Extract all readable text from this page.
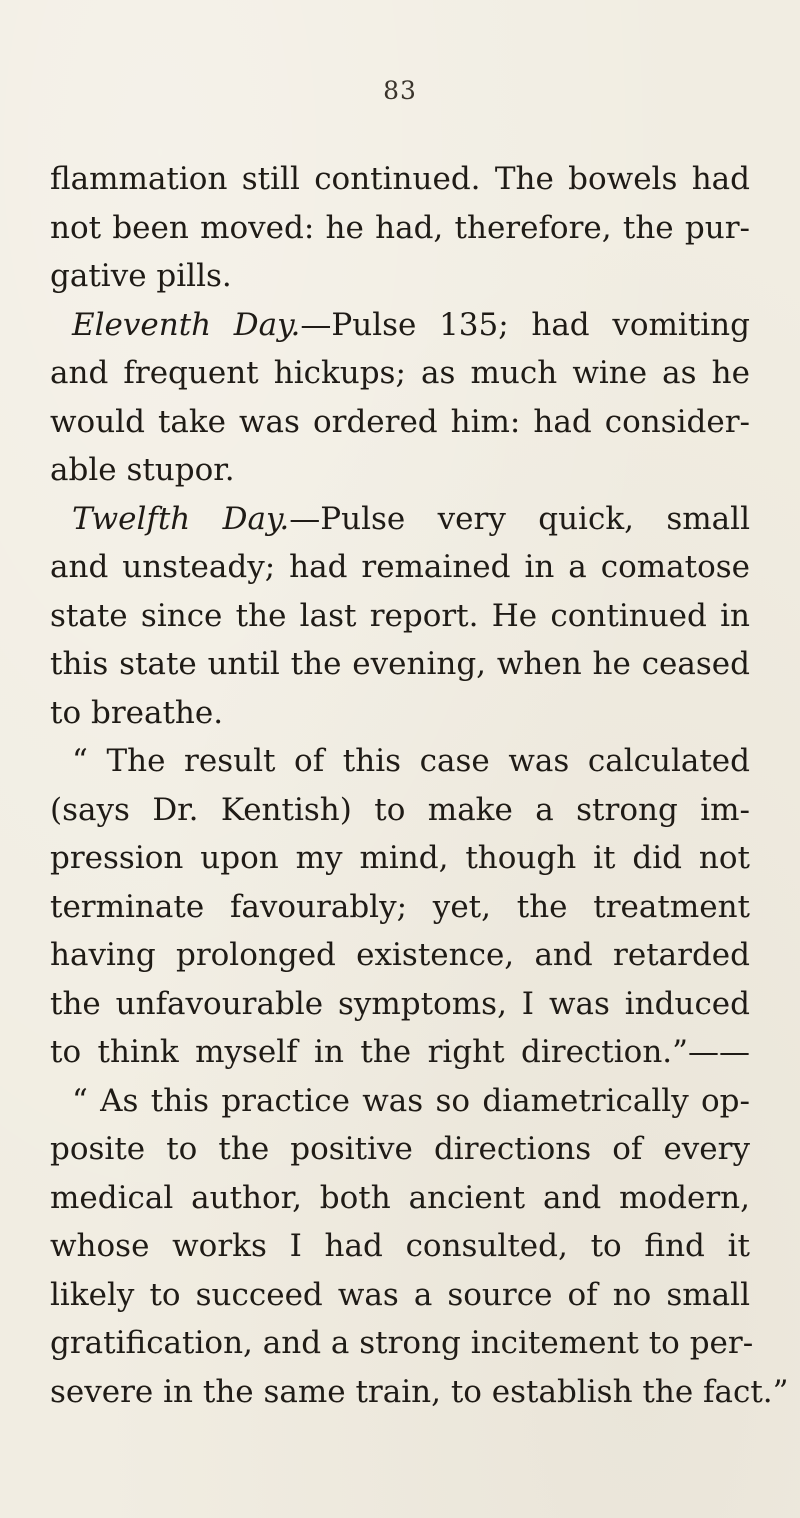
83
flammation still continued. The bowels had
not been moved: he had, therefore, the pur-
gative pills.
Eleventh Day.—Pulse 135; had vomiting
and frequent hickups; as much wine as he
would take was ordered him: had consider-
able stupor.
Twelfth Day.—Pulse very quick, small
and unsteady; had remained in a comatose
state since the last report. He continued in
this state until the evening, when he ceased
to breathe.
“ The result of this case was calculated
(says Dr. Kentish) to make a strong im-
pression upon my mind, though it did not
terminate favourably; yet, the treatment
having prolonged existence, and retarded
the unfavourable symptoms, I was induced
to think myself in the right direction.”——
“ As this practice was so diametrically op-
posite to the positive directions of every
medical author, both ancient and modern,
whose works I had consulted, to find it
likely to succeed was a source of no small
gratification, and a strong incitement to per-
severe in the same train, to establish the fact.”
